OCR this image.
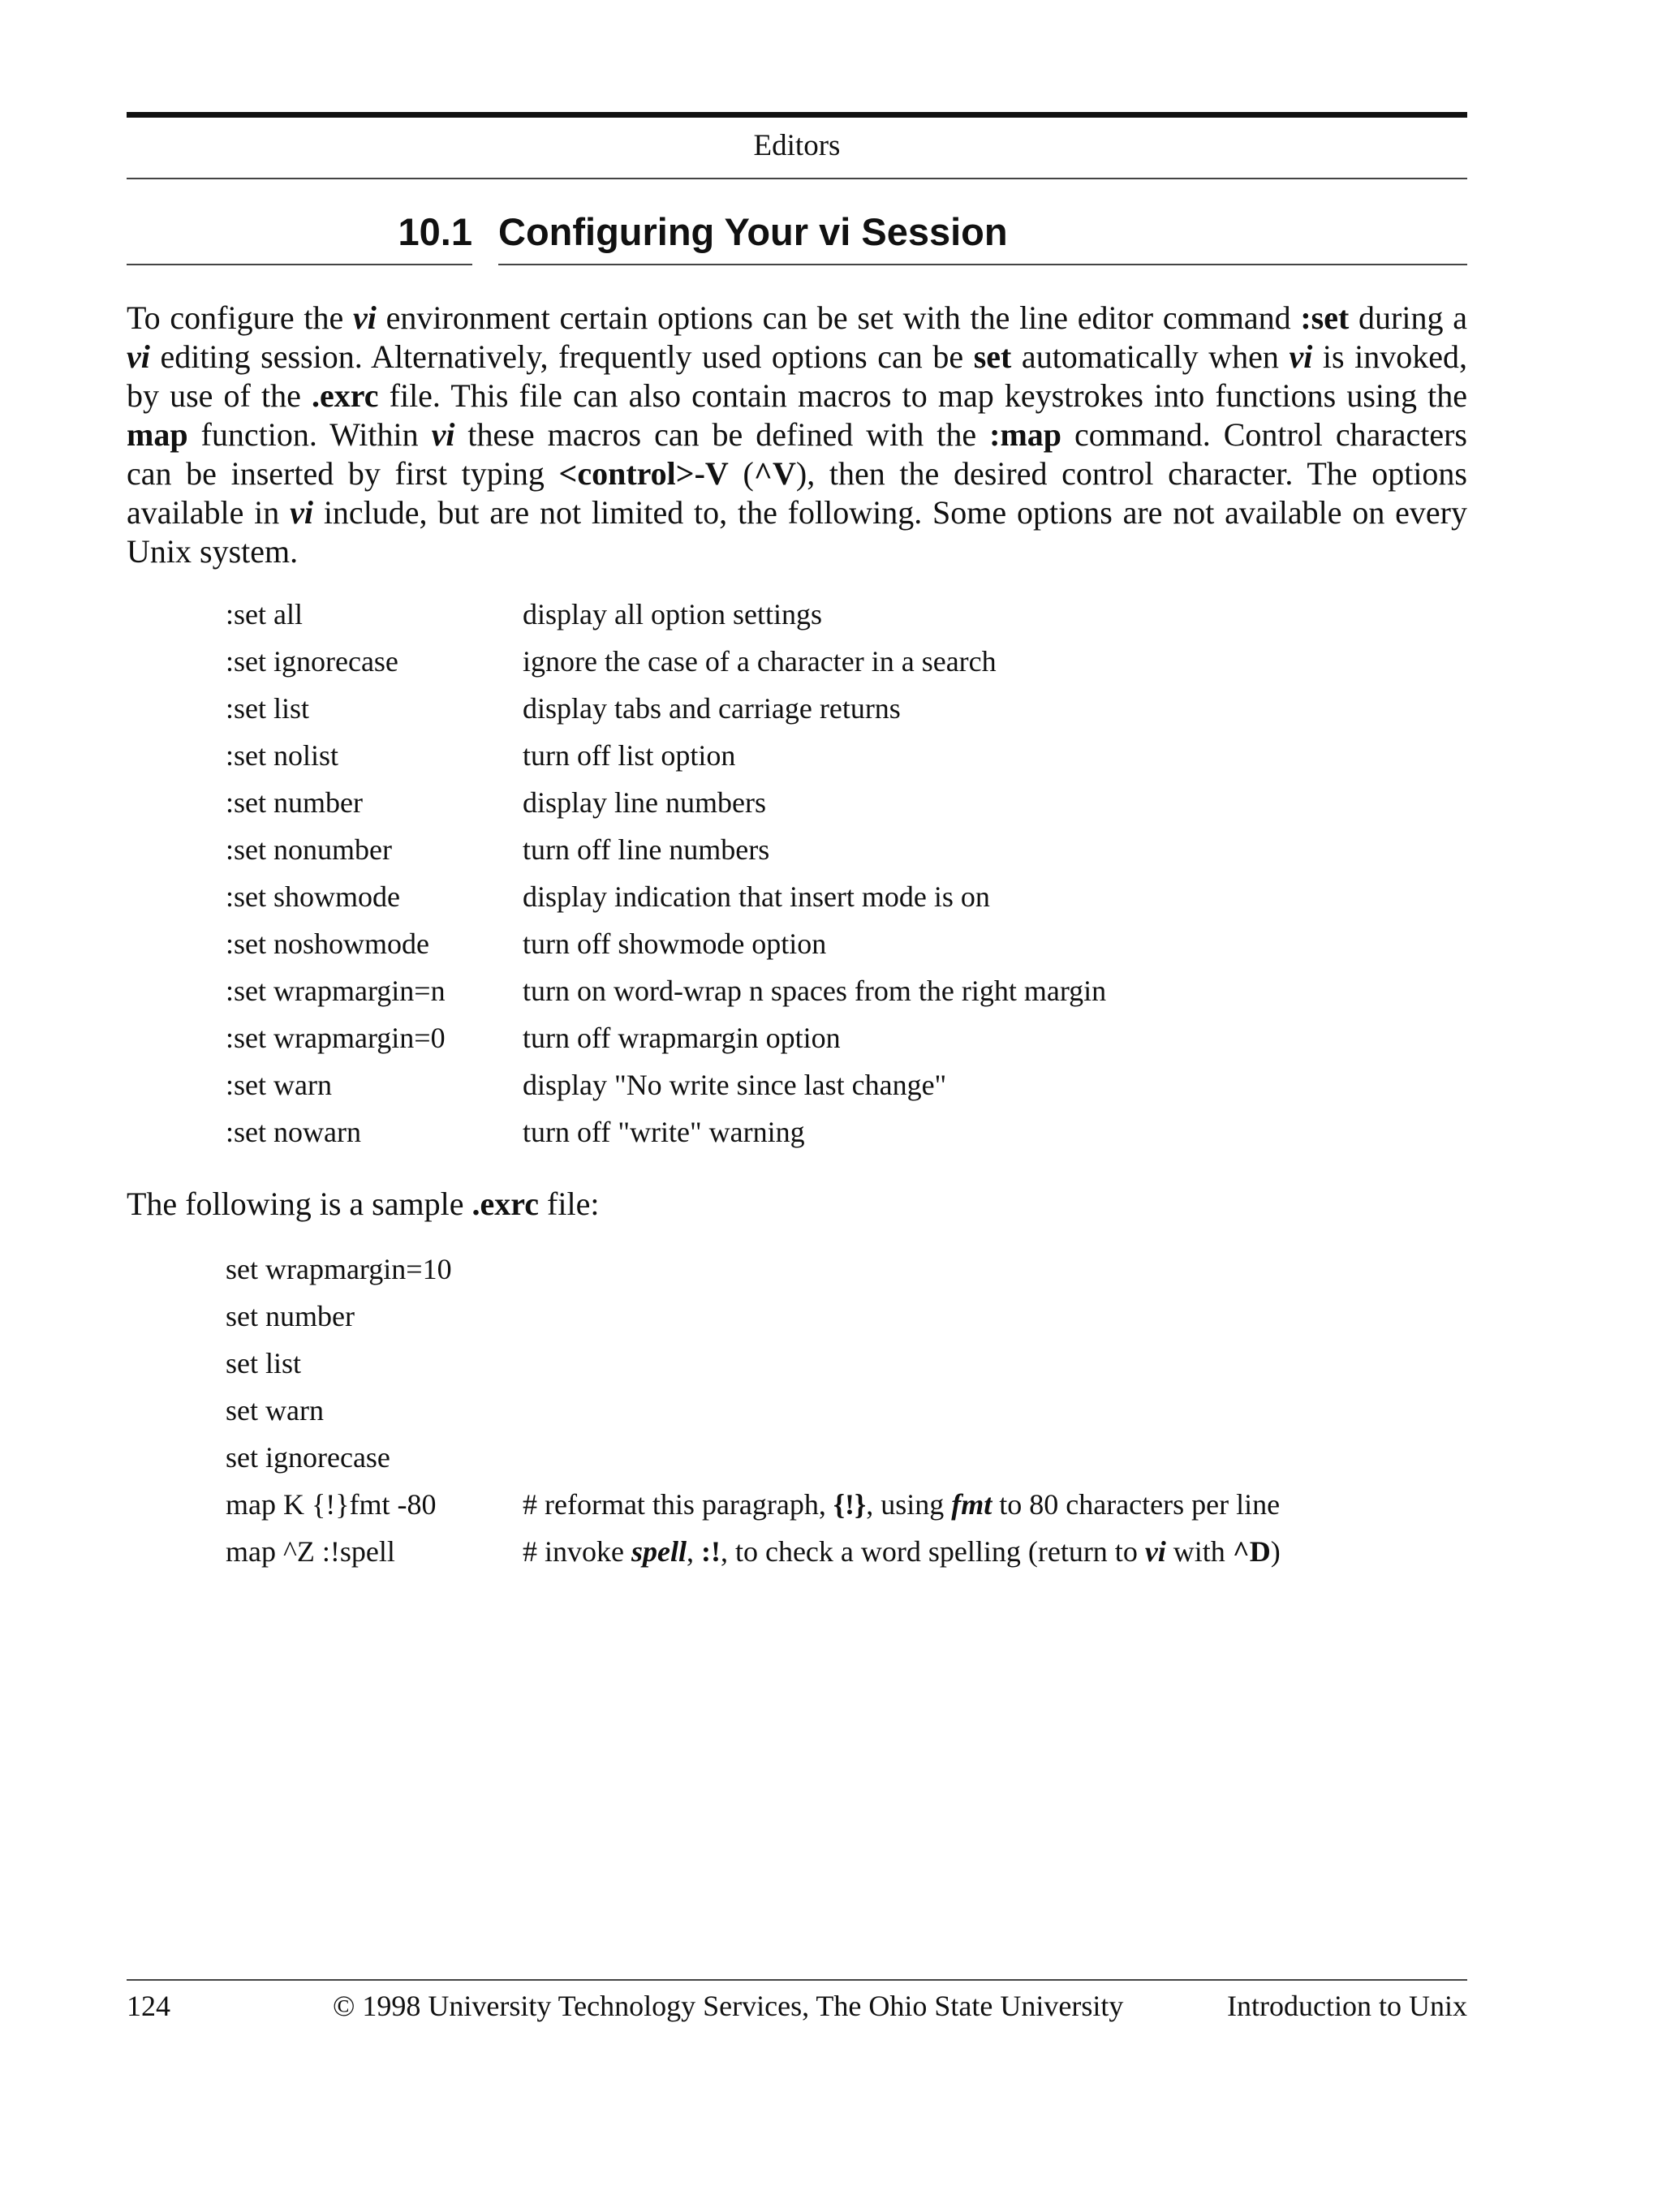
Editors
10.1 Configuring Your vi Session
To configure the vi environment certain options can be set with the line editor command :set during a
vi editing session. Alternatively, frequently used options can be set automatically when vi is invoked,
by use of the .exrc file. This file can also contain macros to map keystrokes into functions using the
map function. Within vi these macros can be defined with the :map command. Control characters
can be inserted by first typing <control>-V (^V), then the desired control character. The options
available in vi include, but are not limited to, the following. Some options are not available on every
Unix system.
:set all	display all option settings
:set ignorecase	ignore the case of a character in a search
:set list	display tabs and carriage returns
:set nolist	turn off list option
:set number	display line numbers
:set nonumber	turn off line numbers
:set showmode	display indication that insert mode is on
:set noshowmode	turn off showmode option
:set wrapmargin=n	turn on word-wrap n spaces from the right margin
:set wrapmargin=0	turn off wrapmargin option
:set warn	display "No write since last change"
:set nowarn	turn off "write" warning
The following is a sample .exrc file:
set wrapmargin=10
set number
set list
set warn
set ignorecase
map K {!}fmt -80	# reformat this paragraph, {!}, using fmt to 80 characters per line
map ^Z :!spell	# invoke spell, :!, to check a word spelling (return to vi with ^D)
124	© 1998 University Technology Services, The Ohio State University	Introduction to Unix
